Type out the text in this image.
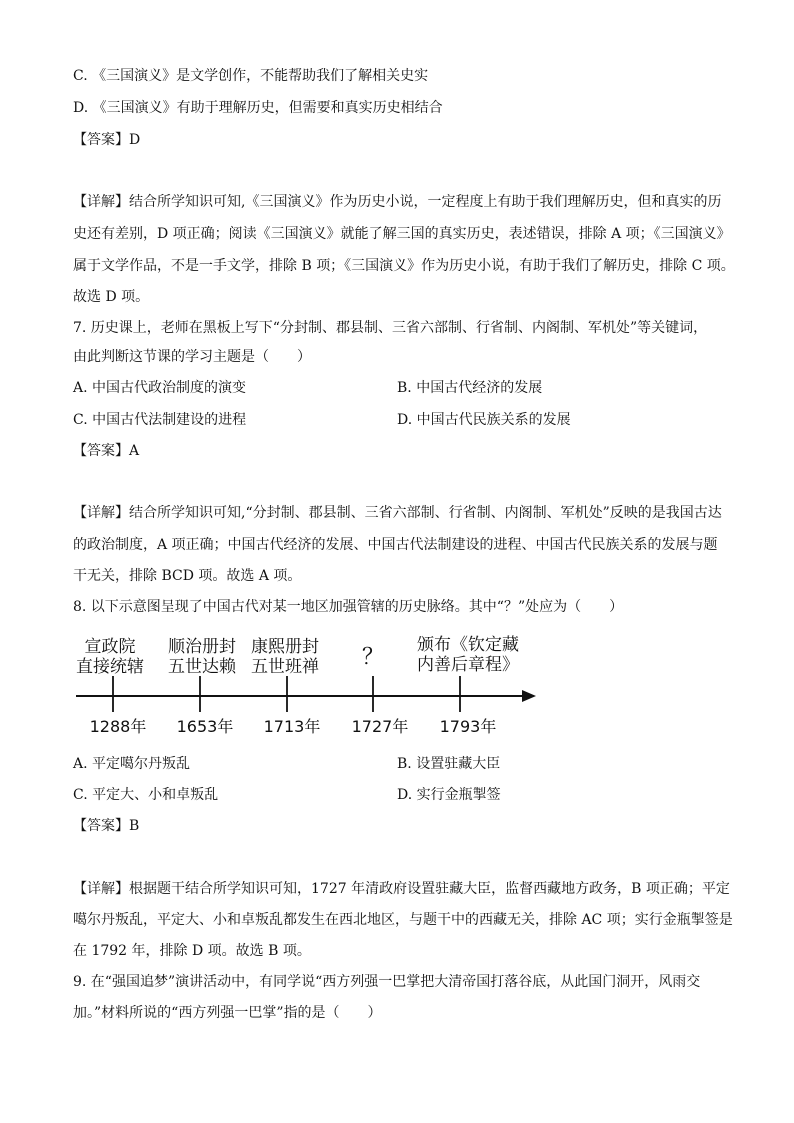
C. 《三国演义》是文学创作，不能帮助我们了解相关史实
D. 《三国演义》有助于理解历史，但需要和真实历史相结合
【答案】D
【详解】结合所学知识可知,《三国演义》作为历史小说，一定程度上有助于我们理解历史，但和真实的历
史还有差别，D 项正确；阅读《三国演义》就能了解三国的真实历史，表述错误，排除 A 项；《三国演义》
属于文学作品，不是一手文学，排除 B 项；《三国演义》作为历史小说，有助于我们了解历史，排除 C 项。
故选 D 项。
7. 历史课上，老师在黑板上写下“分封制、郡县制、三省六部制、行省制、内阁制、军机处”等关键词，
由此判断这节课的学习主题是（　　）
A. 中国古代政治制度的演变	B. 中国古代经济的发展
C. 中国古代法制建设的进程	D. 中国古代民族关系的发展
【答案】A
【详解】结合所学知识可知,“分封制、郡县制、三省六部制、行省制、内阁制、军机处”反映的是我国古达
的政治制度，A 项正确；中国古代经济的发展、中国古代法制建设的进程、中国古代民族关系的发展与题
干无关，排除 BCD 项。故选 A 项。
8. 以下示意图呈现了中国古代对某一地区加强管辖的历史脉络。其中“？”处应为（　　）
宣政院
直接统辖
1288年
顺治册封
五世达赖
1653年
康熙册封
五世班禅
1713年
？
1727年
颁布《钦定藏
内善后章程》
1793年
A. 平定噶尔丹叛乱	B. 设置驻藏大臣
C. 平定大、小和卓叛乱	D. 实行金瓶掣签
【答案】B
【详解】根据题干结合所学知识可知，1727 年清政府设置驻藏大臣，监督西藏地方政务，B 项正确；平定
噶尔丹叛乱，平定大、小和卓叛乱都发生在西北地区，与题干中的西藏无关，排除 AC 项；实行金瓶掣签是
在 1792 年，排除 D 项。故选 B 项。
9. 在“强国追梦”演讲活动中，有同学说“西方列强一巴掌把大清帝国打落谷底，从此国门洞开，风雨交
加。”材料所说的“西方列强一巴掌”指的是（　　）
